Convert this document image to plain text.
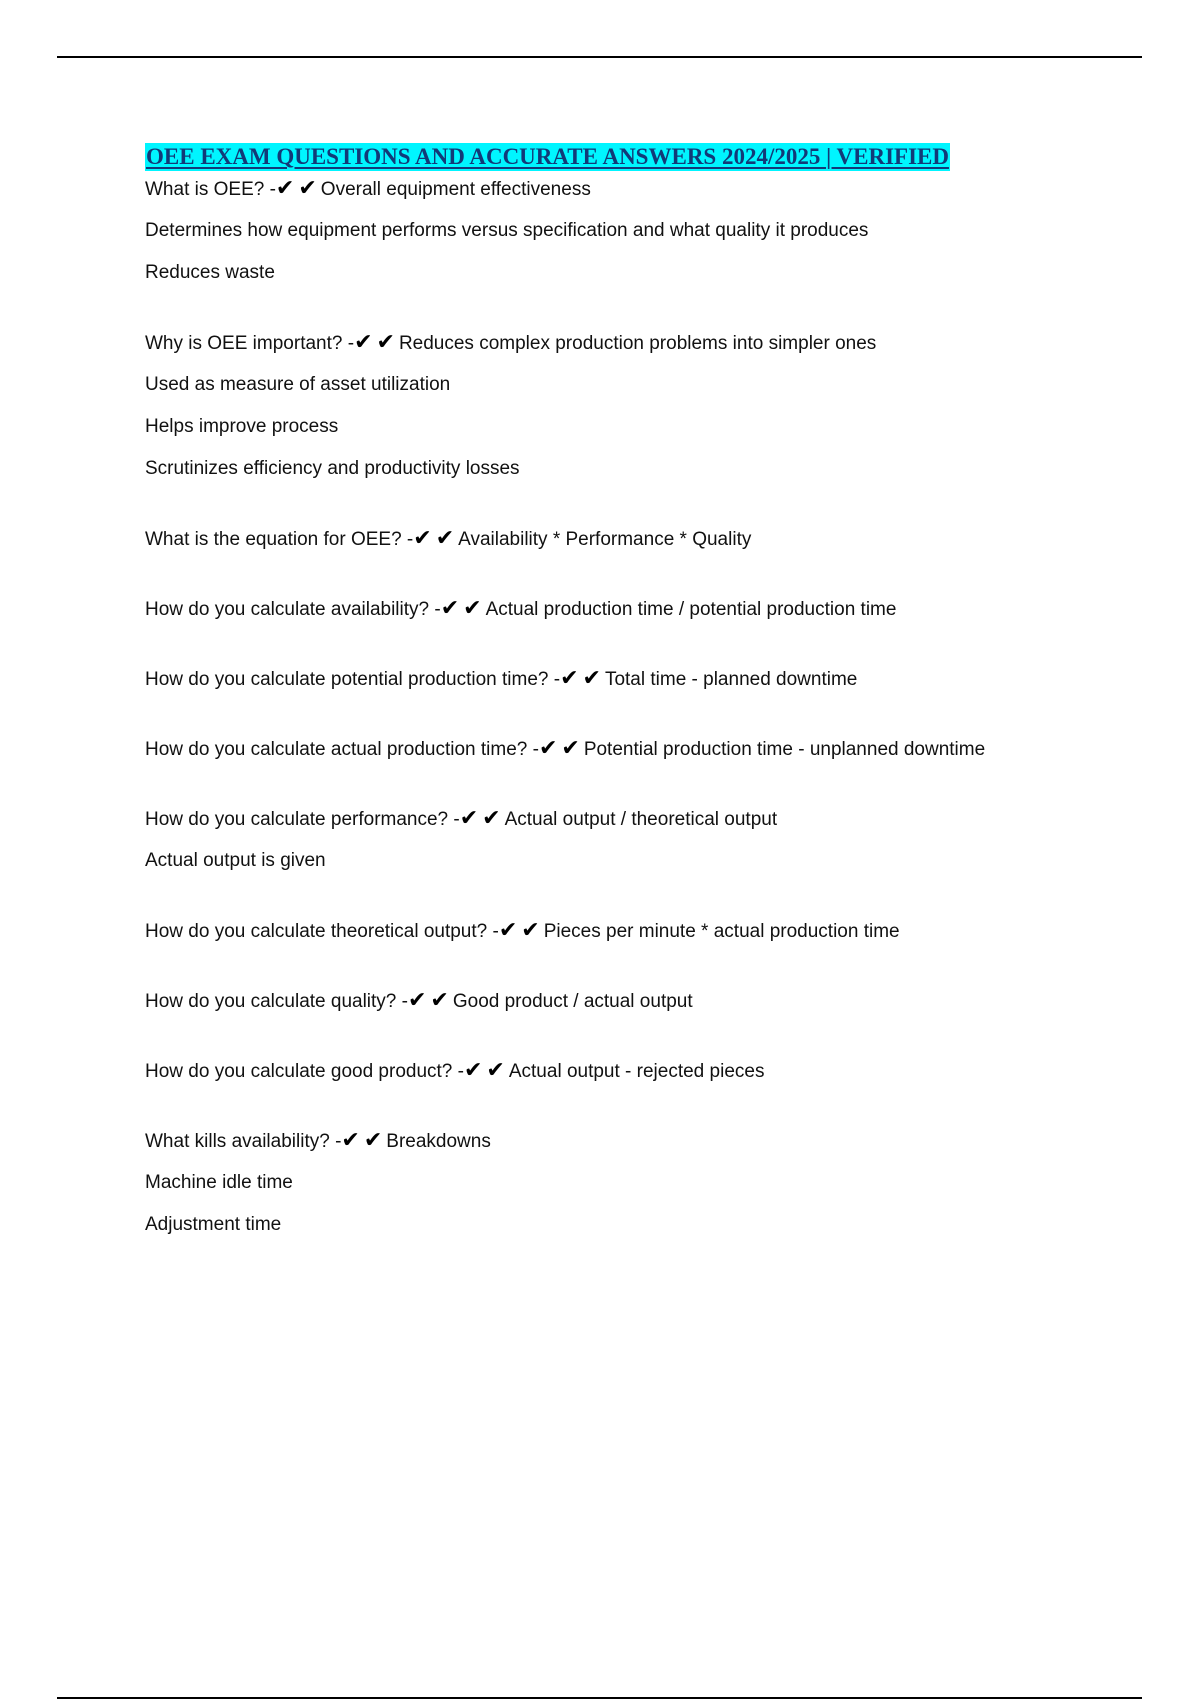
OEE EXAM QUESTIONS AND ACCURATE ANSWERS 2024/2025 | VERIFIED
What is OEE? -✔ ✔ Overall equipment effectiveness
Determines how equipment performs versus specification and what quality it produces
Reduces waste
Why is OEE important? -✔ ✔ Reduces complex production problems into simpler ones
Used as measure of asset utilization
Helps improve process
Scrutinizes efficiency and productivity losses
What is the equation for OEE? -✔ ✔ Availability * Performance * Quality
How do you calculate availability? -✔ ✔ Actual production time / potential production time
How do you calculate potential production time? -✔ ✔ Total time - planned downtime
How do you calculate actual production time? -✔ ✔ Potential production time - unplanned downtime
How do you calculate performance? -✔ ✔ Actual output / theoretical output
Actual output is given
How do you calculate theoretical output? -✔ ✔ Pieces per minute * actual production time
How do you calculate quality? -✔ ✔ Good product / actual output
How do you calculate good product? -✔ ✔ Actual output - rejected pieces
What kills availability? -✔ ✔ Breakdowns
Machine idle time
Adjustment time
